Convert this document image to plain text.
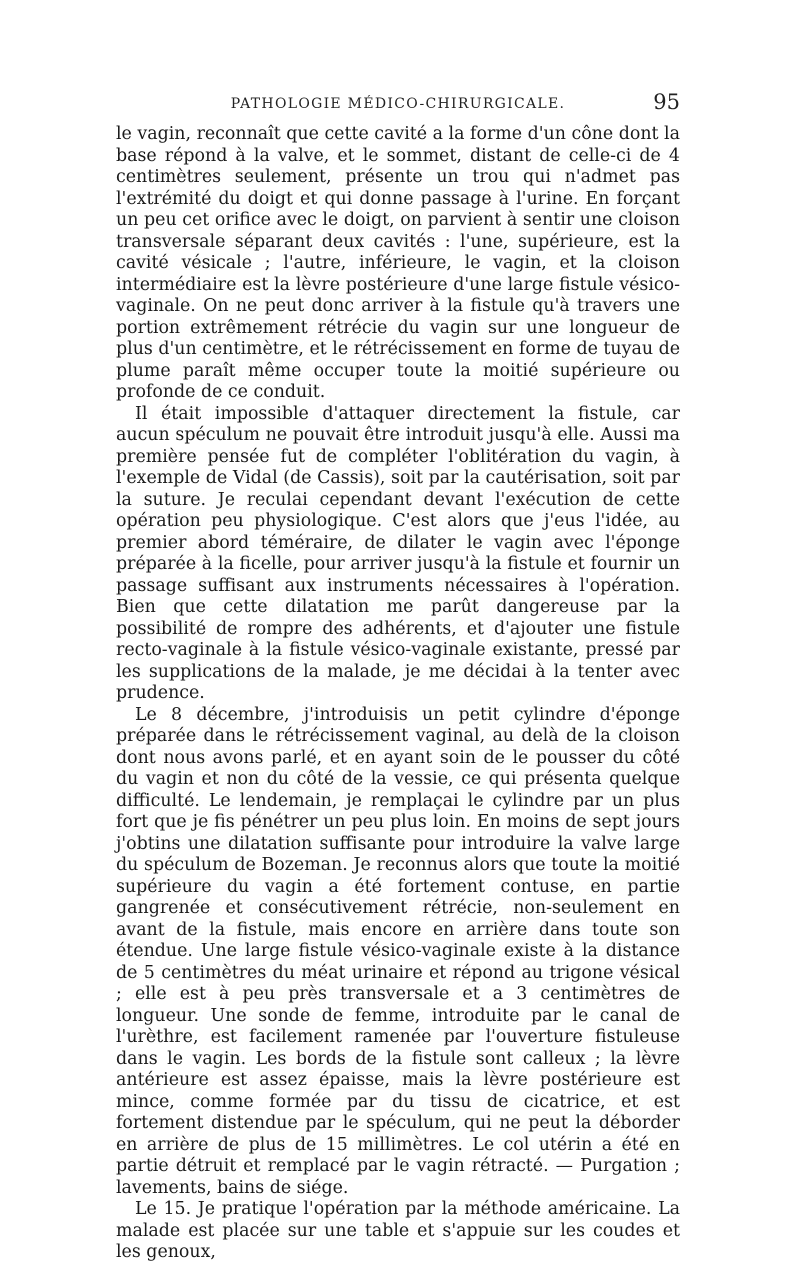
PATHOLOGIE MÉDICO-CHIRURGICALE.	95

le vagin, reconnaît que cette cavité a la forme d'un cône dont la base répond à la valve, et le sommet, distant de celle-ci de 4 centimètres seulement, présente un trou qui n'admet pas l'extrémité du doigt et qui donne passage à l'urine. En forçant un peu cet orifice avec le doigt, on parvient à sentir une cloison transversale séparant deux cavités : l'une, supérieure, est la cavité vésicale ; l'autre, inférieure, le vagin, et la cloison intermédiaire est la lèvre postérieure d'une large fistule vésico-vaginale. On ne peut donc arriver à la fistule qu'à travers une portion extrêmement rétrécie du vagin sur une longueur de plus d'un centimètre, et le rétrécissement en forme de tuyau de plume paraît même occuper toute la moitié supérieure ou profonde de ce conduit.

Il était impossible d'attaquer directement la fistule, car aucun spéculum ne pouvait être introduit jusqu'à elle. Aussi ma première pensée fut de compléter l'oblitération du vagin, à l'exemple de Vidal (de Cassis), soit par la cautérisation, soit par la suture. Je reculai cependant devant l'exécution de cette opération peu physiologique. C'est alors que j'eus l'idée, au premier abord téméraire, de dilater le vagin avec l'éponge préparée à la ficelle, pour arriver jusqu'à la fistule et fournir un passage suffisant aux instruments nécessaires à l'opération. Bien que cette dilatation me parût dangereuse par la possibilité de rompre des adhérents, et d'ajouter une fistule recto-vaginale à la fistule vésico-vaginale existante, pressé par les supplications de la malade, je me décidai à la tenter avec prudence.

Le 8 décembre, j'introduisis un petit cylindre d'éponge préparée dans le rétrécissement vaginal, au delà de la cloison dont nous avons parlé, et en ayant soin de le pousser du côté du vagin et non du côté de la vessie, ce qui présenta quelque difficulté. Le lendemain, je remplaçai le cylindre par un plus fort que je fis pénétrer un peu plus loin. En moins de sept jours j'obtins une dilatation suffisante pour introduire la valve large du spéculum de Bozeman. Je reconnus alors que toute la moitié supérieure du vagin a été fortement contuse, en partie gangrenée et consécutivement rétrécie, non-seulement en avant de la fistule, mais encore en arrière dans toute son étendue. Une large fistule vésico-vaginale existe à la distance de 5 centimètres du méat urinaire et répond au trigone vésical ; elle est à peu près transversale et a 3 centimètres de longueur. Une sonde de femme, introduite par le canal de l'urèthre, est facilement ramenée par l'ouverture fistuleuse dans le vagin. Les bords de la fistule sont calleux ; la lèvre antérieure est assez épaisse, mais la lèvre postérieure est mince, comme formée par du tissu de cicatrice, et est fortement distendue par le spéculum, qui ne peut la déborder en arrière de plus de 15 millimètres. Le col utérin a été en partie détruit et remplacé par le vagin rétracté. — Purgation ; lavements, bains de siége.

Le 15. Je pratique l'opération par la méthode américaine. La malade est placée sur une table et s'appuie sur les coudes et les genoux,
